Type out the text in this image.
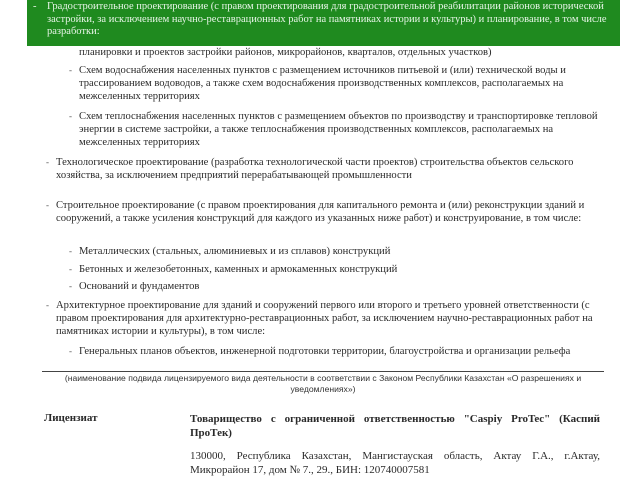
- Градостроительное проектирование (с правом проектирования для градостроительной реабилитации районов исторической застройки, за исключением научно-реставрационных работ на памятниках истории и культуры) и планирование, в том числе разработки:
планировки и проектов застройки районов, микрорайонов, кварталов, отдельных участков)
- Схем водоснабжения населенных пунктов с размещением источников питьевой и (или) технической воды и трассированием водоводов, а также схем водоснабжения производственных комплексов, располагаемых на межселенных территориях
- Схем теплоснабжения населенных пунктов с размещением объектов по производству и транспортировке тепловой энергии в системе застройки, а также теплоснабжения производственных комплексов, располагаемых на межселенных территориях
- Технологическое проектирование (разработка технологической части проектов) строительства объектов сельского хозяйства, за исключением предприятий перерабатывающей промышленности
- Строительное проектирование (с правом проектирования для капитального ремонта и (или) реконструкции зданий и сооружений, а также усиления конструкций для каждого из указанных ниже работ) и конструирование, в том числе:
- Металлических (стальных, алюминиевых и из сплавов) конструкций
- Бетонных и железобетонных, каменных и армокаменных конструкций
- Оснований и фундаментов
- Архитектурное проектирование для зданий и сооружений первого или второго и третьего уровней ответственности (с правом проектирования для архитектурно-реставрационных работ, за исключением научно-реставрационных работ на памятниках истории и культуры), в том числе:
- Генеральных планов объектов, инженерной подготовки территории, благоустройства и организации рельефа
(наименование подвида лицензируемого вида деятельности в соответствии с Законом Республики Казахстан «О разрешениях и уведомлениях»)
Лицензиат	Товарищество с ограниченной ответственностью "Caspiy ProTec" (Каспий ПроТек)
130000, Республика Казахстан, Мангистауская область, Актау Г.А., г.Актау, Микрорайон 17, дом № 7., 29., БИН: 120740007581
